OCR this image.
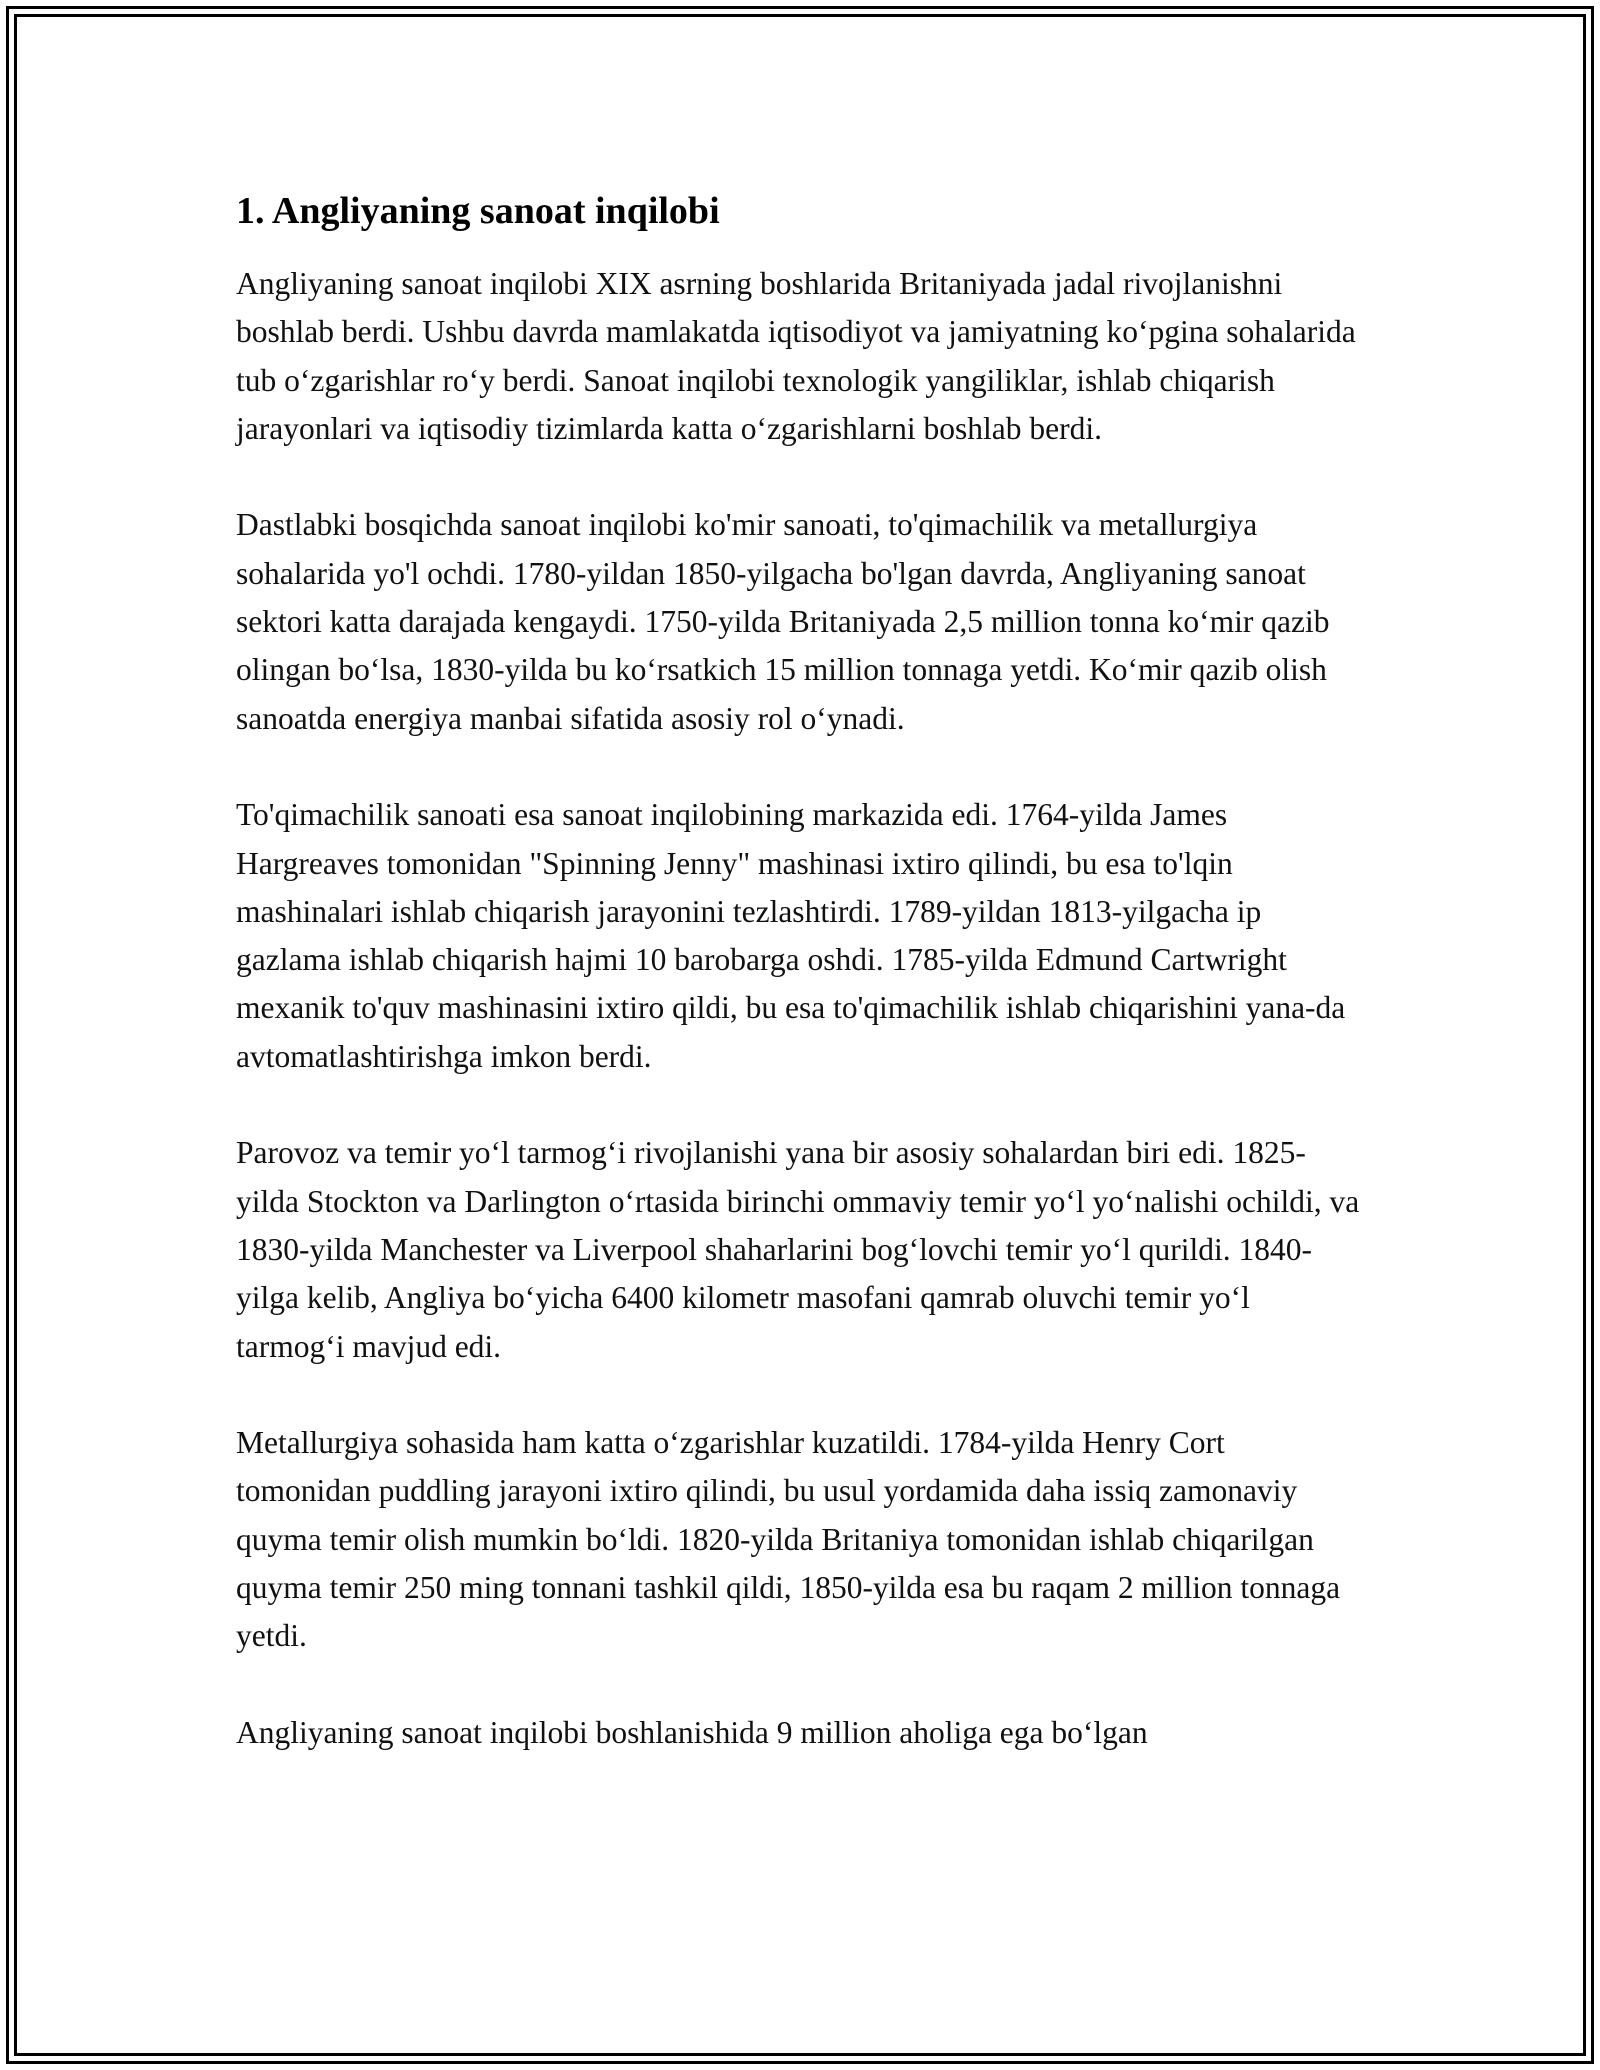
1. Angliyaning sanoat inqilobi

Angliyaning sanoat inqilobi XIX asrning boshlarida Britaniyada jadal rivojlanishni boshlab berdi. Ushbu davrda mamlakatda iqtisodiyot va jamiyatning ko‘pgina sohalarida tub o‘zgarishlar ro‘y berdi. Sanoat inqilobi texnologik yangiliklar, ishlab chiqarish jarayonlari va iqtisodiy tizimlarda katta o‘zgarishlarni boshlab berdi.

Dastlabki bosqichda sanoat inqilobi ko'mir sanoati, to'qimachilik va metallurgiya sohalarida yo'l ochdi. 1780-yildan 1850-yilgacha bo'lgan davrda, Angliyaning sanoat sektori katta darajada kengaydi. 1750-yilda Britaniyada 2,5 million tonna ko‘mir qazib olingan bo‘lsa, 1830-yilda bu ko‘rsatkich 15 million tonnaga yetdi. Ko‘mir qazib olish sanoatda energiya manbai sifatida asosiy rol o‘ynadi.

To'qimachilik sanoati esa sanoat inqilobining markazida edi. 1764-yilda James Hargreaves tomonidan "Spinning Jenny" mashinasi ixtiro qilindi, bu esa to'lqin mashinalari ishlab chiqarish jarayonini tezlashtirdi. 1789-yildan 1813-yilgacha ip gazlama ishlab chiqarish hajmi 10 barobarga oshdi. 1785-yilda Edmund Cartwright mexanik to'quv mashinasini ixtiro qildi, bu esa to'qimachilik ishlab chiqarishini yana-da avtomatlashtirishga imkon berdi.

Parovoz va temir yo‘l tarmog‘i rivojlanishi yana bir asosiy sohalardan biri edi. 1825-yilda Stockton va Darlington o‘rtasida birinchi ommaviy temir yo‘l yo‘nalishi ochildi, va 1830-yilda Manchester va Liverpool shaharlarini bog‘lovchi temir yo‘l qurildi. 1840-yilga kelib, Angliya bo‘yicha 6400 kilometr masofani qamrab oluvchi temir yo‘l tarmog‘i mavjud edi.

Metallurgiya sohasida ham katta o‘zgarishlar kuzatildi. 1784-yilda Henry Cort tomonidan puddling jarayoni ixtiro qilindi, bu usul yordamida daha issiq zamonaviy quyma temir olish mumkin bo‘ldi. 1820-yilda Britaniya tomonidan ishlab chiqarilgan quyma temir 250 ming tonnani tashkil qildi, 1850-yilda esa bu raqam 2 million tonnaga yetdi.

Angliyaning sanoat inqilobi boshlanishida 9 million aholiga ega bo‘lgan
